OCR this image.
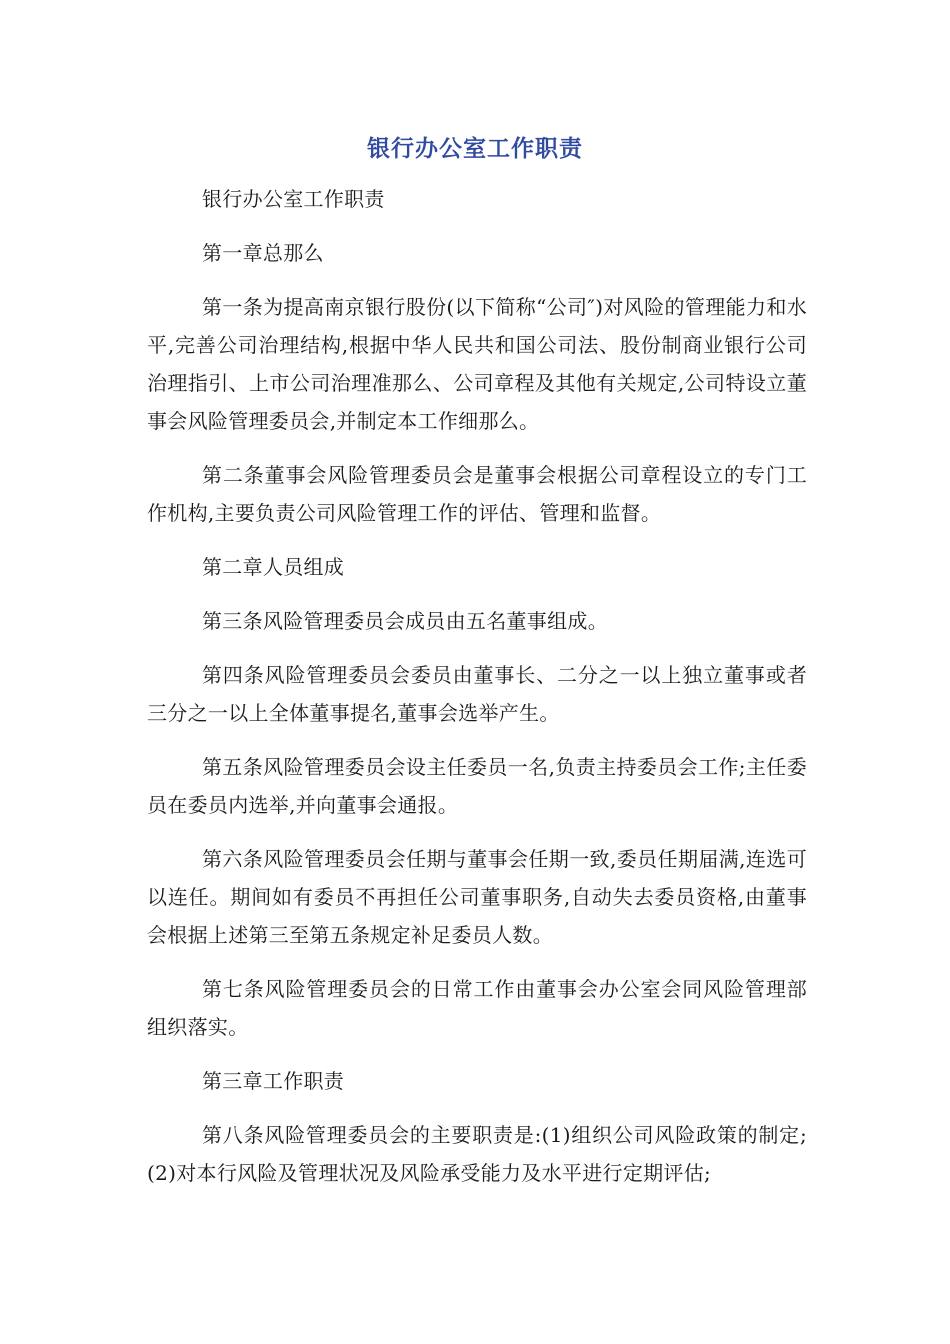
银行办公室工作职责

银行办公室工作职责

第一章总那么

第一条为提高南京银行股份(以下简称“公司″)对风险的管理能力和水平,完善公司治理结构,根据中华人民共和国公司法、股份制商业银行公司治理指引、上市公司治理准那么、公司章程及其他有关规定,公司特设立董事会风险管理委员会,并制定本工作细那么。

第二条董事会风险管理委员会是董事会根据公司章程设立的专门工作机构,主要负责公司风险管理工作的评估、管理和监督。

第二章人员组成

第三条风险管理委员会成员由五名董事组成。

第四条风险管理委员会委员由董事长、二分之一以上独立董事或者三分之一以上全体董事提名,董事会选举产生。

第五条风险管理委员会设主任委员一名,负责主持委员会工作;主任委员在委员内选举,并向董事会通报。

第六条风险管理委员会任期与董事会任期一致,委员任期届满,连选可以连任。期间如有委员不再担任公司董事职务,自动失去委员资格,由董事会根据上述第三至第五条规定补足委员人数。

第七条风险管理委员会的日常工作由董事会办公室会同风险管理部组织落实。

第三章工作职责

第八条风险管理委员会的主要职责是:(1)组织公司风险政策的制定;(2)对本行风险及管理状况及风险承受能力及水平进行定期评估;
